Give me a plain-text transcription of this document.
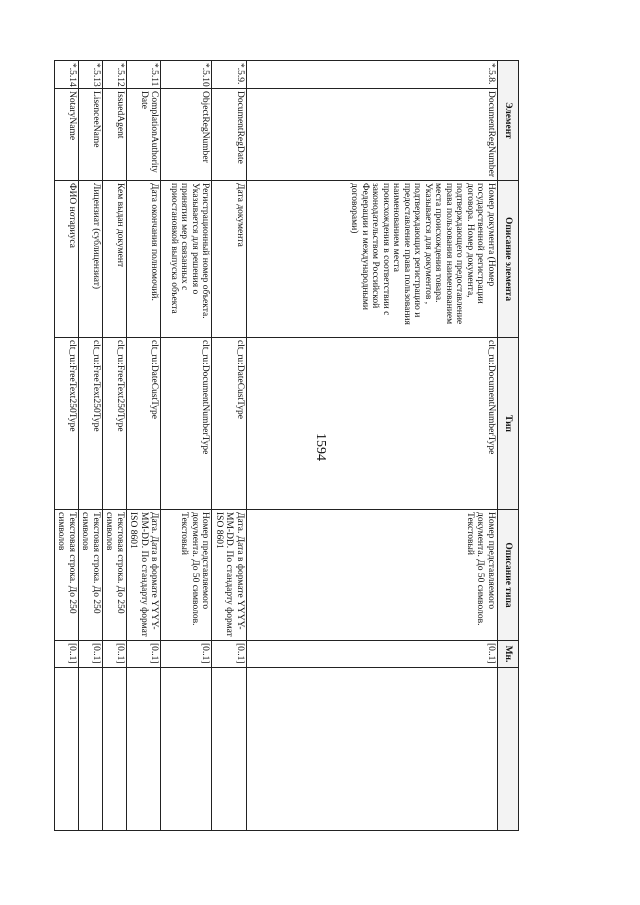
1594
Элемент		Описание элемента	Тип	Описание типа	Мн.	
*.5.8.	DocumentRegNumber	Номер документа (Номер государственной регистрации договора. Номер документа, подтверждающего предоставление права пользования наименованием места происхождения товара. Указывается для документов , подтверждающих регистрацию и предоставление права пользования наименованием места происхождения в соответствии с законодательством Российской Федерации и международными договорами)	clt_ru:DocumentNumberType	Номер представляемого документа. До 50 символов. Текстовый	[0..1]	
*.5.9.	DocumentRegDate	Дата документа	clt_ru:DateCustType	Дата. Дата в формате YYYY-MM-DD. По стандарту формат ISO 8601	[0..1]	
*.5.10	ObjectRegNumber	Регистрационный номер объекта. Указывается для решения о принятии мер связанных с приостановкой выпуска объекта	clt_ru:DocumentNumberType	Номер представляемого документа. До 50 символов. Текстовый	[0..1]	
*.5.11	ComplationAuthorityDate	Дата окончания полномочий.	clt_ru:DateCustType	Дата. Дата в формате YYYY-MM-DD. По стандарту формат ISO 8601	[0..1]	
*.5.12	IssuedAgent	Кем выдан документ	clt_ru:FreeText250Type	Текстовая строка. До 250 символов	[0..1]	
*.5.13	LisenceeName	Лицензиат (сублицензиат)	clt_ru:FreeText250Type	Текстовая строка. До 250 символов	[0..1]	
*.5.14	NotaryName	ФИО нотариуса	clt_ru:FreeText250Type	Текстовая строка. До 250 символов	[0..1]	
